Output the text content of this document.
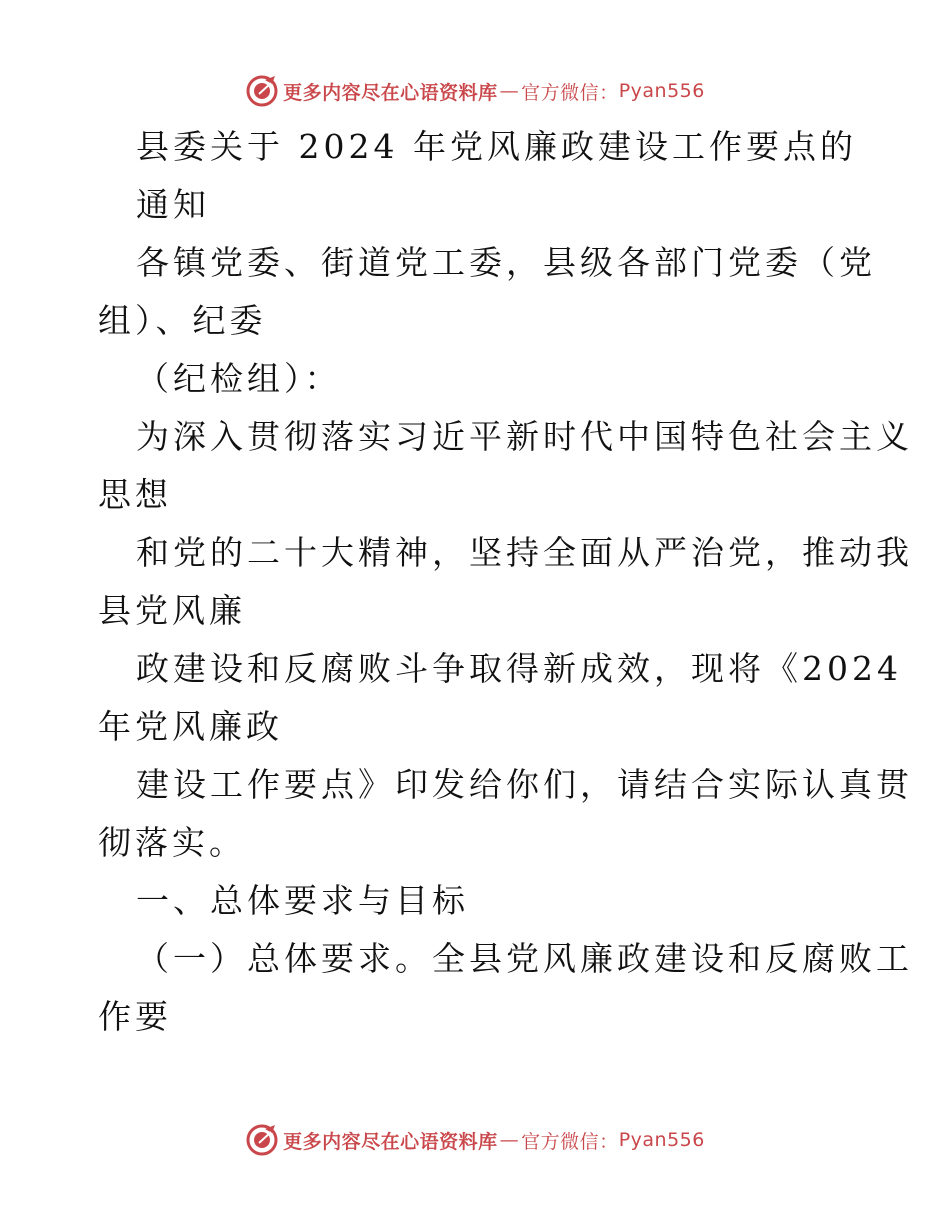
更多内容尽在心语资料库 — 官方微信： Pyan556
县委关于 2024 年党风廉政建设工作要点的
通知
各镇党委、街道党工委，县级各部门党委（党
组）、纪委
（纪检组）：
为深入贯彻落实习近平新时代中国特色社会主义
思想
和党的二十大精神，坚持全面从严治党，推动我
县党风廉
政建设和反腐败斗争取得新成效，现将《2024
年党风廉政
建设工作要点》印发给你们，请结合实际认真贯
彻落实。
一、总体要求与目标
（一）总体要求。全县党风廉政建设和反腐败工
作要
更多内容尽在心语资料库 — 官方微信： Pyan556
